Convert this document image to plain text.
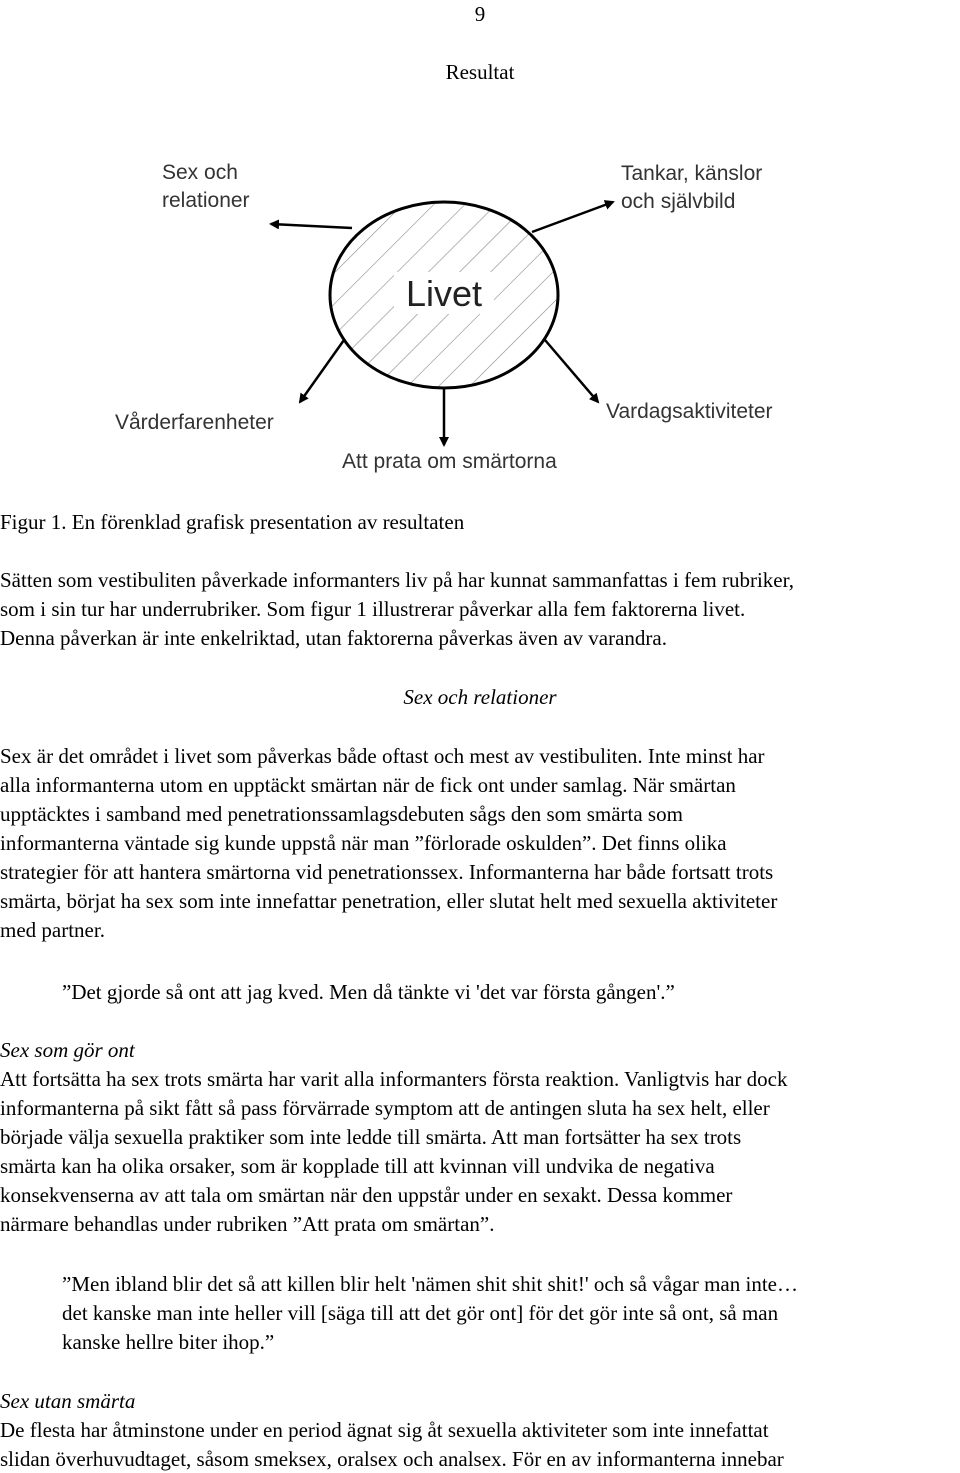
9
Resultat
Livet
Sex och relationer
Tankar, känslor och självbild
Vårderfarenheter	Vardagsaktiviteter
Att prata om smärtorna
Figur 1. En förenklad grafisk presentation av resultaten
Sätten som vestibuliten påverkade informanters liv på har kunnat sammanfattas i fem rubriker,
som i sin tur har underrubriker. Som figur 1 illustrerar påverkar alla fem faktorerna livet.
Denna påverkan är inte enkelriktad, utan faktorerna påverkas även av varandra.
Sex och relationer
Sex är det området i livet som påverkas både oftast och mest av vestibuliten. Inte minst har
alla informanterna utom en upptäckt smärtan när de fick ont under samlag. När smärtan
upptäcktes i samband med penetrationssamlagsdebuten sågs den som smärta som
informanterna väntade sig kunde uppstå när man ”förlorade oskulden”. Det finns olika
strategier för att hantera smärtorna vid penetrationssex. Informanterna har både fortsatt trots
smärta, börjat ha sex som inte innefattar penetration, eller slutat helt med sexuella aktiviteter
med partner.
”Det gjorde så ont att jag kved. Men då tänkte vi 'det var första gången'.”
Sex som gör ont
Att fortsätta ha sex trots smärta har varit alla informanters första reaktion. Vanligtvis har dock
informanterna på sikt fått så pass förvärrade symptom att de antingen sluta ha sex helt, eller
började välja sexuella praktiker som inte ledde till smärta. Att man fortsätter ha sex trots
smärta kan ha olika orsaker, som är kopplade till att kvinnan vill undvika de negativa
konsekvenserna av att tala om smärtan när den uppstår under en sexakt. Dessa kommer
närmare behandlas under rubriken ”Att prata om smärtan”.
”Men ibland blir det så att killen blir helt 'nämen shit shit shit!' och så vågar man inte…
det kanske man inte heller vill [säga till att det gör ont] för det gör inte så ont, så man
kanske hellre biter ihop.”
Sex utan smärta
De flesta har åtminstone under en period ägnat sig åt sexuella aktiviteter som inte innefattat
slidan överhuvudtaget, såsom smeksex, oralsex och analsex. För en av informanterna innebar
